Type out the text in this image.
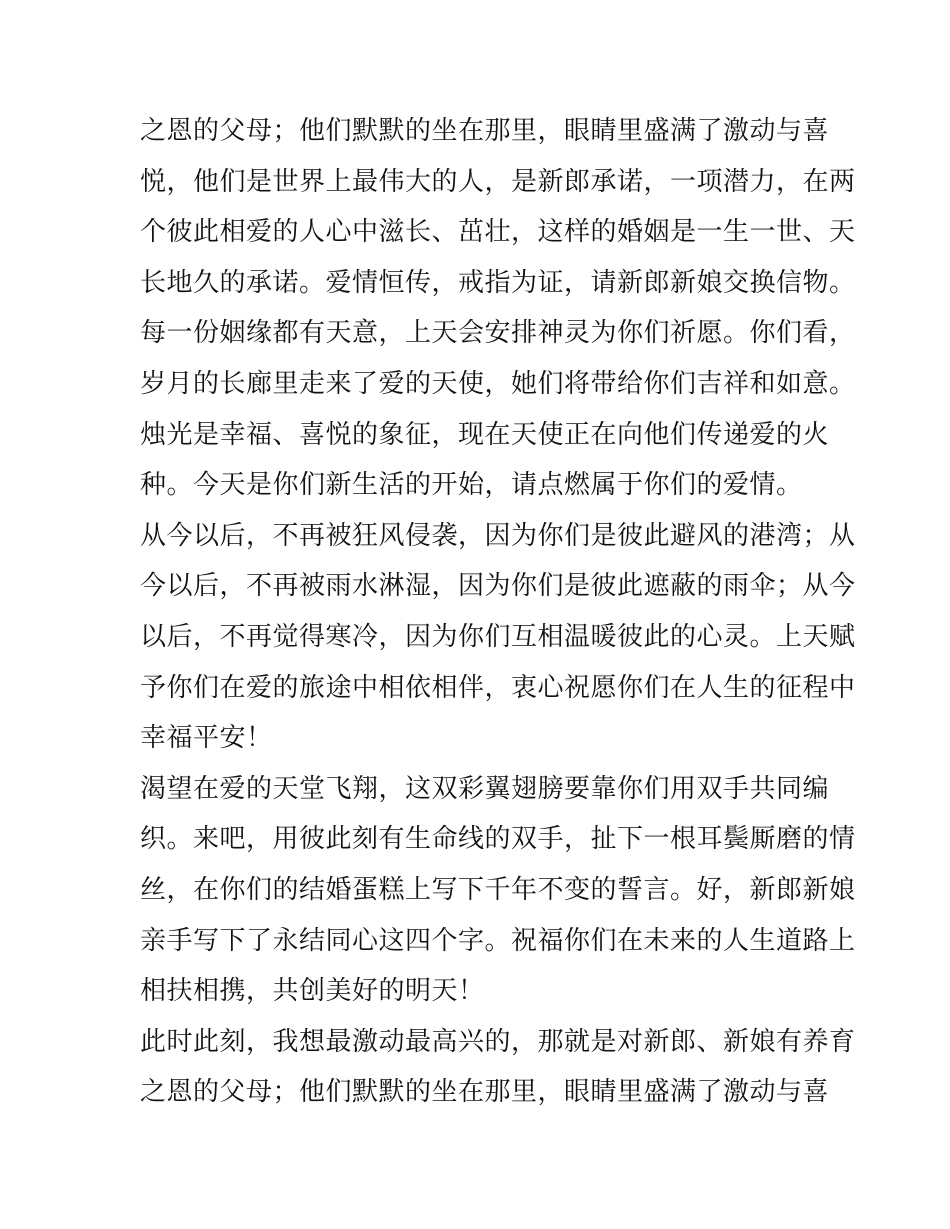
之恩的父母；他们默默的坐在那里，眼睛里盛满了激动与喜
悦，他们是世界上最伟大的人，是新郎承诺，一项潜力，在两
个彼此相爱的人心中滋长、茁壮，这样的婚姻是一生一世、天
长地久的承诺。爱情恒传，戒指为证，请新郎新娘交换信物。
每一份姻缘都有天意，上天会安排神灵为你们祈愿。你们看，
岁月的长廊里走来了爱的天使，她们将带给你们吉祥和如意。
烛光是幸福、喜悦的象征，现在天使正在向他们传递爱的火
种。今天是你们新生活的开始，请点燃属于你们的爱情。
从今以后，不再被狂风侵袭，因为你们是彼此避风的港湾；从
今以后，不再被雨水淋湿，因为你们是彼此遮蔽的雨伞；从今
以后，不再觉得寒冷，因为你们互相温暖彼此的心灵。上天赋
予你们在爱的旅途中相依相伴，衷心祝愿你们在人生的征程中
幸福平安！
渴望在爱的天堂飞翔，这双彩翼翅膀要靠你们用双手共同编
织。来吧，用彼此刻有生命线的双手，扯下一根耳鬓厮磨的情
丝，在你们的结婚蛋糕上写下千年不变的誓言。好，新郎新娘
亲手写下了永结同心这四个字。祝福你们在未来的人生道路上
相扶相携，共创美好的明天！
此时此刻，我想最激动最高兴的，那就是对新郎、新娘有养育
之恩的父母；他们默默的坐在那里，眼睛里盛满了激动与喜
